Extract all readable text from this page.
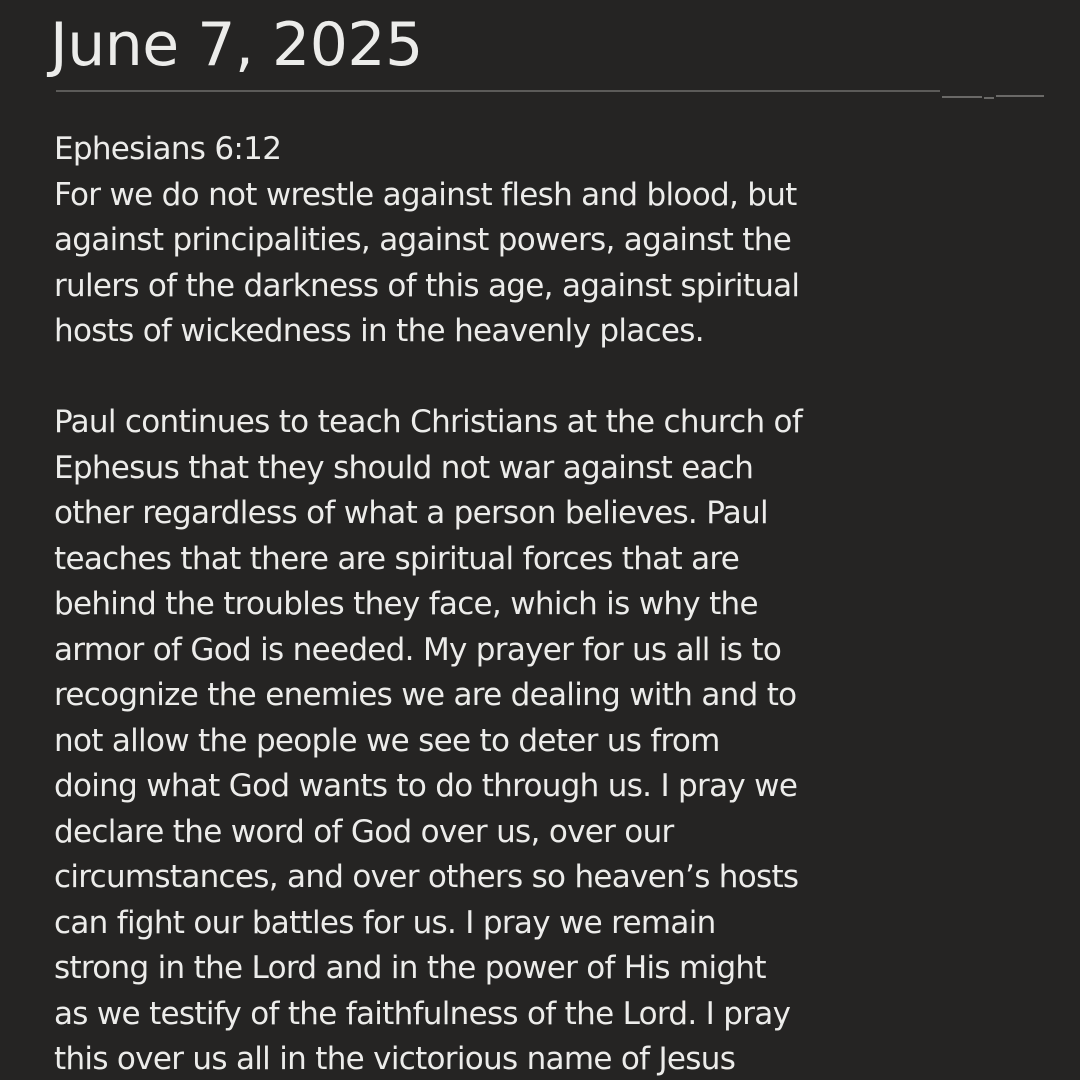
June 7, 2025
Ephesians 6:12
For we do not wrestle against flesh and blood, but
against principalities, against powers, against the
rulers of the darkness of this age, against spiritual
hosts of wickedness in the heavenly places.
Paul continues to teach Christians at the church of
Ephesus that they should not war against each
other regardless of what a person believes. Paul
teaches that there are spiritual forces that are
behind the troubles they face, which is why the
armor of God is needed. My prayer for us all is to
recognize the enemies we are dealing with and to
not allow the people we see to deter us from
doing what God wants to do through us. I pray we
declare the word of God over us, over our
circumstances, and over others so heaven’s hosts
can fight our battles for us. I pray we remain
strong in the Lord and in the power of His might
as we testify of the faithfulness of the Lord. I pray
this over us all in the victorious name of Jesus
